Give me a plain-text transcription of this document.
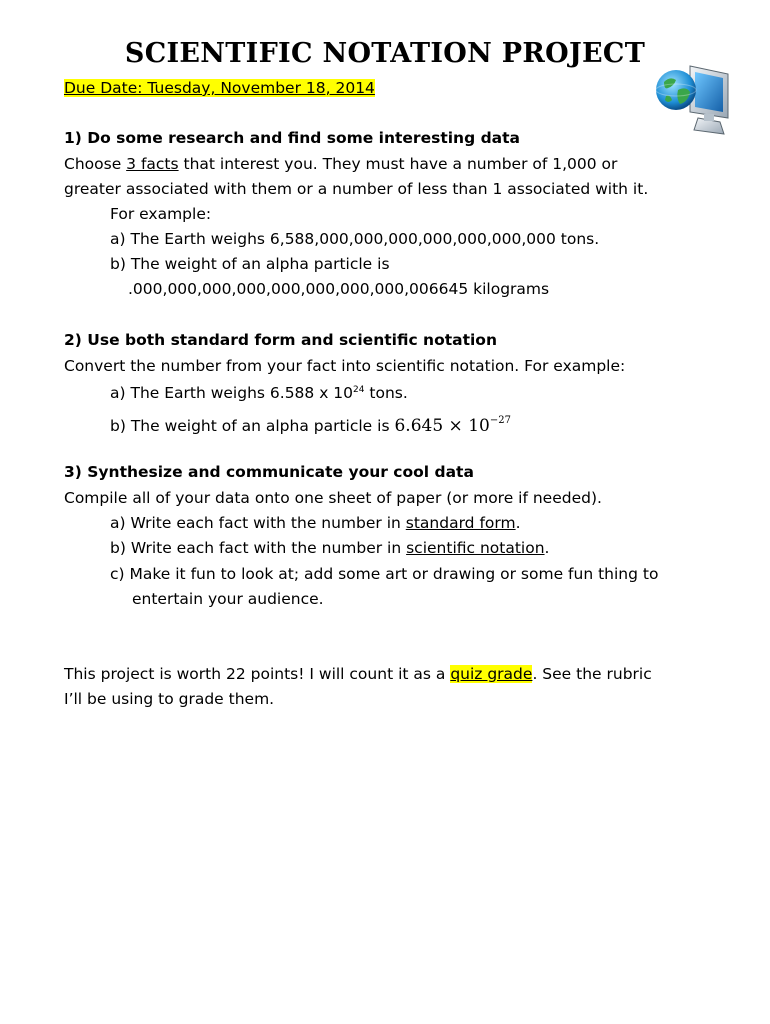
SCIENTIFIC NOTATION PROJECT
Due Date: Tuesday, November 18, 2014
1) Do some research and find some interesting data
Choose 3 facts that interest you. They must have a number of 1,000 or
greater associated with them or a number of less than 1 associated with it.
For example:
a) The Earth weighs 6,588,000,000,000,000,000,000,000 tons.
b) The weight of an alpha particle is
.000,000,000,000,000,000,000,000,006645 kilograms
2) Use both standard form and scientific notation
Convert the number from your fact into scientific notation. For example:
a) The Earth weighs 6.588 x $10^{24}$ tons.
b) The weight of an alpha particle is $6.645 \times 10^{-27}$
3) Synthesize and communicate your cool data
Compile all of your data onto one sheet of paper (or more if needed).
a) Write each fact with the number in standard form.
b) Write each fact with the number in scientific notation.
c) Make it fun to look at; add some art or drawing or some fun thing to
entertain your audience.
This project is worth 22 points! I will count it as a quiz grade. See the rubric
I’ll be using to grade them.
